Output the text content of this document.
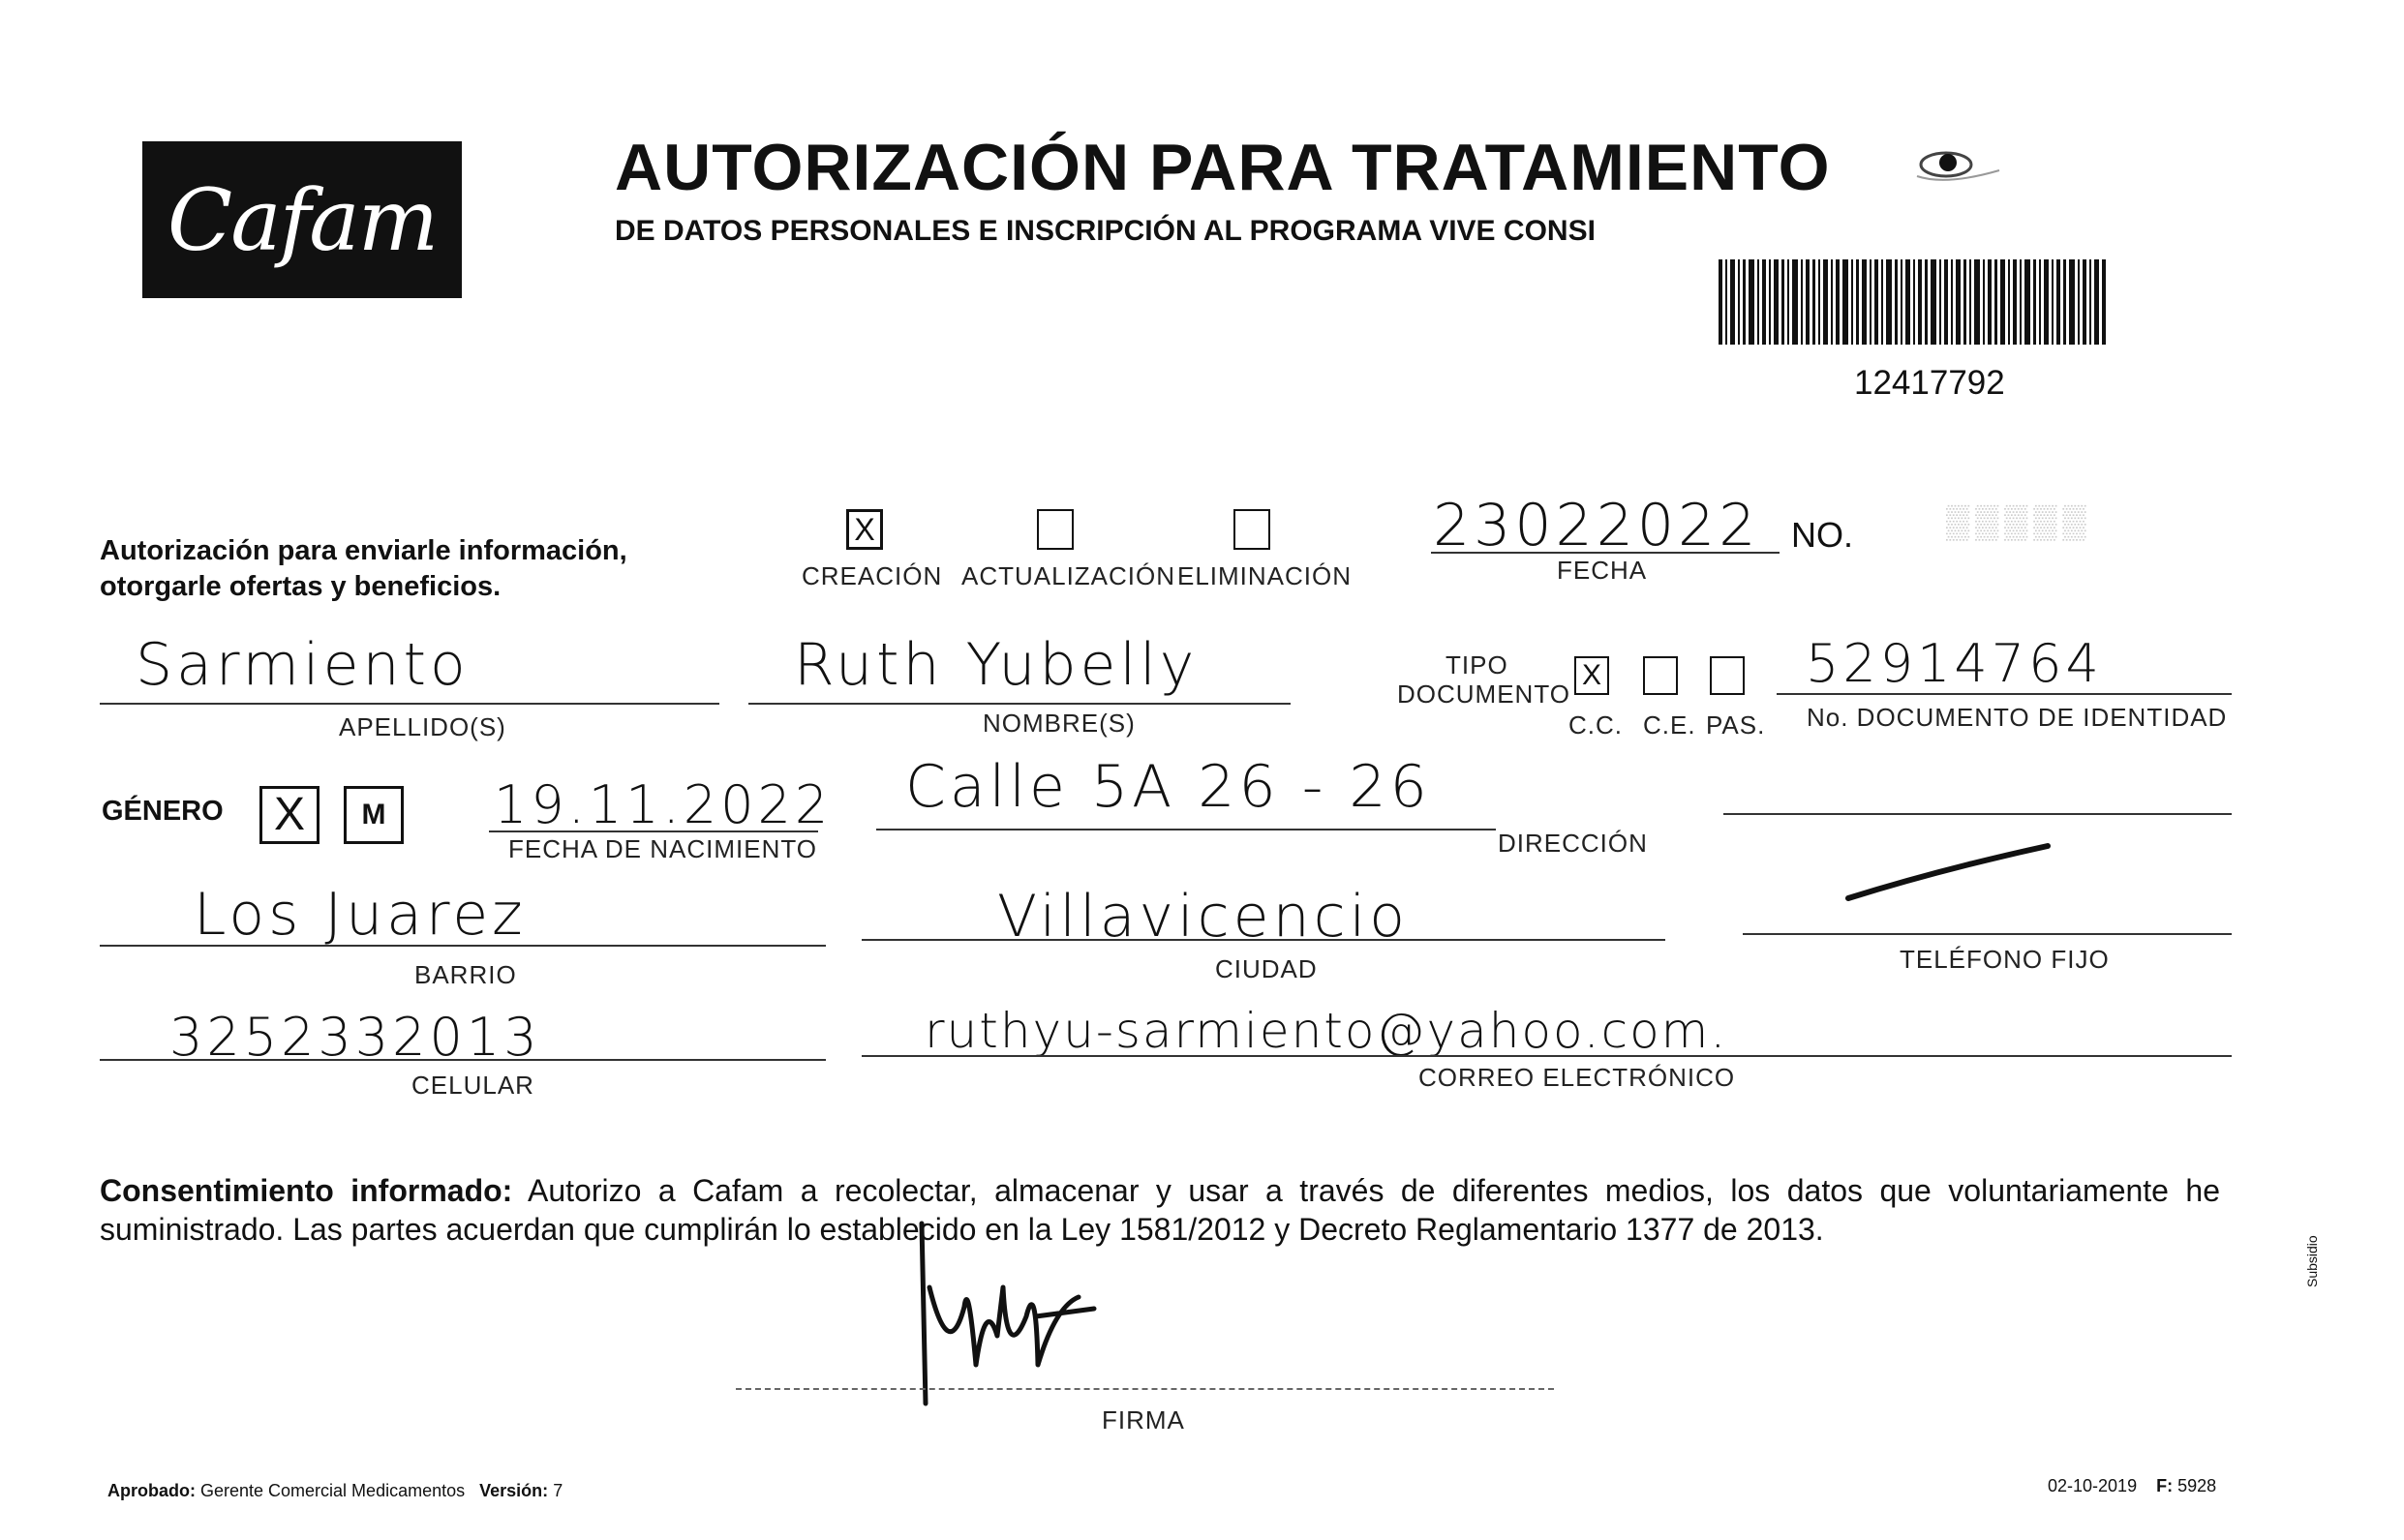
Cafam
AUTORIZACIÓN PARA TRATAMIENTO
DE DATOS PERSONALES E INSCRIPCIÓN AL PROGRAMA VIVE CONSI
12417792
Autorización para enviarle información,
otorgarle ofertas y beneficios.
X
CREACIÓN ACTUALIZACIÓN ELIMINACIÓN
23022022
FECHA
NO.	▒▒▒▒▒
Sarmiento
APELLIDO(S)
Ruth Yubelly
NOMBRE(S)
TIPO
DOCUMENTO
X
C.C. C.E. PAS.
52914764
No. DOCUMENTO DE IDENTIDAD
GÉNERO	X	M	19.11.2022
FECHA DE NACIMIENTO
Calle 5A 26 - 26
DIRECCIÓN
Los Juarez
BARRIO
Villavicencio
CIUDAD	TELÉFONO FIJO
3252332013
CELULAR
ruthyu-sarmiento@yahoo.com.
CORREO ELECTRÓNICO
Consentimiento informado: Autorizo a Cafam a recolectar, almacenar y usar a través de diferentes medios, los datos que voluntariamente he suministrado. Las partes acuerdan que cumplirán lo establecido en la Ley 1581/2012 y Decreto Reglamentario 1377 de 2013.
FIRMA
Aprobado: Gerente Comercial Medicamentos Versión: 7	02-10-2019 F: 5928
Subsidio
